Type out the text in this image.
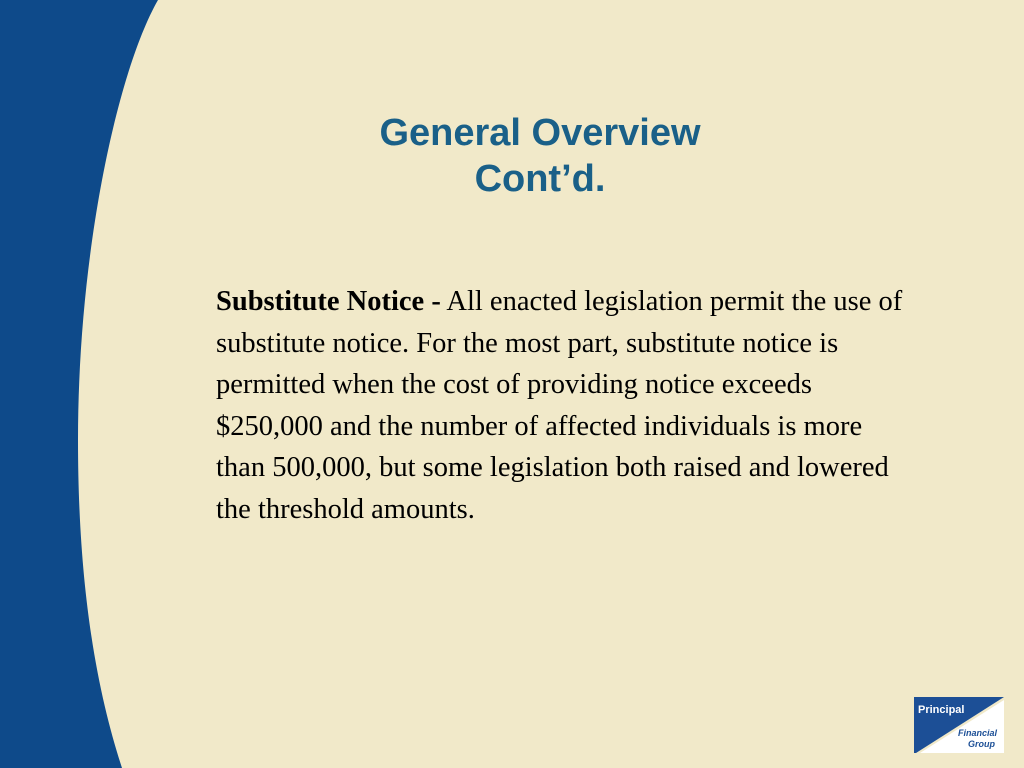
General Overview
Cont’d.
Substitute Notice - All enacted legislation permit the use of substitute notice. For the most part, substitute notice is permitted when the cost of providing notice exceeds $250,000 and the number of affected individuals is more than 500,000, but some legislation both raised and lowered the threshold amounts.
Principal
Financial
Group
